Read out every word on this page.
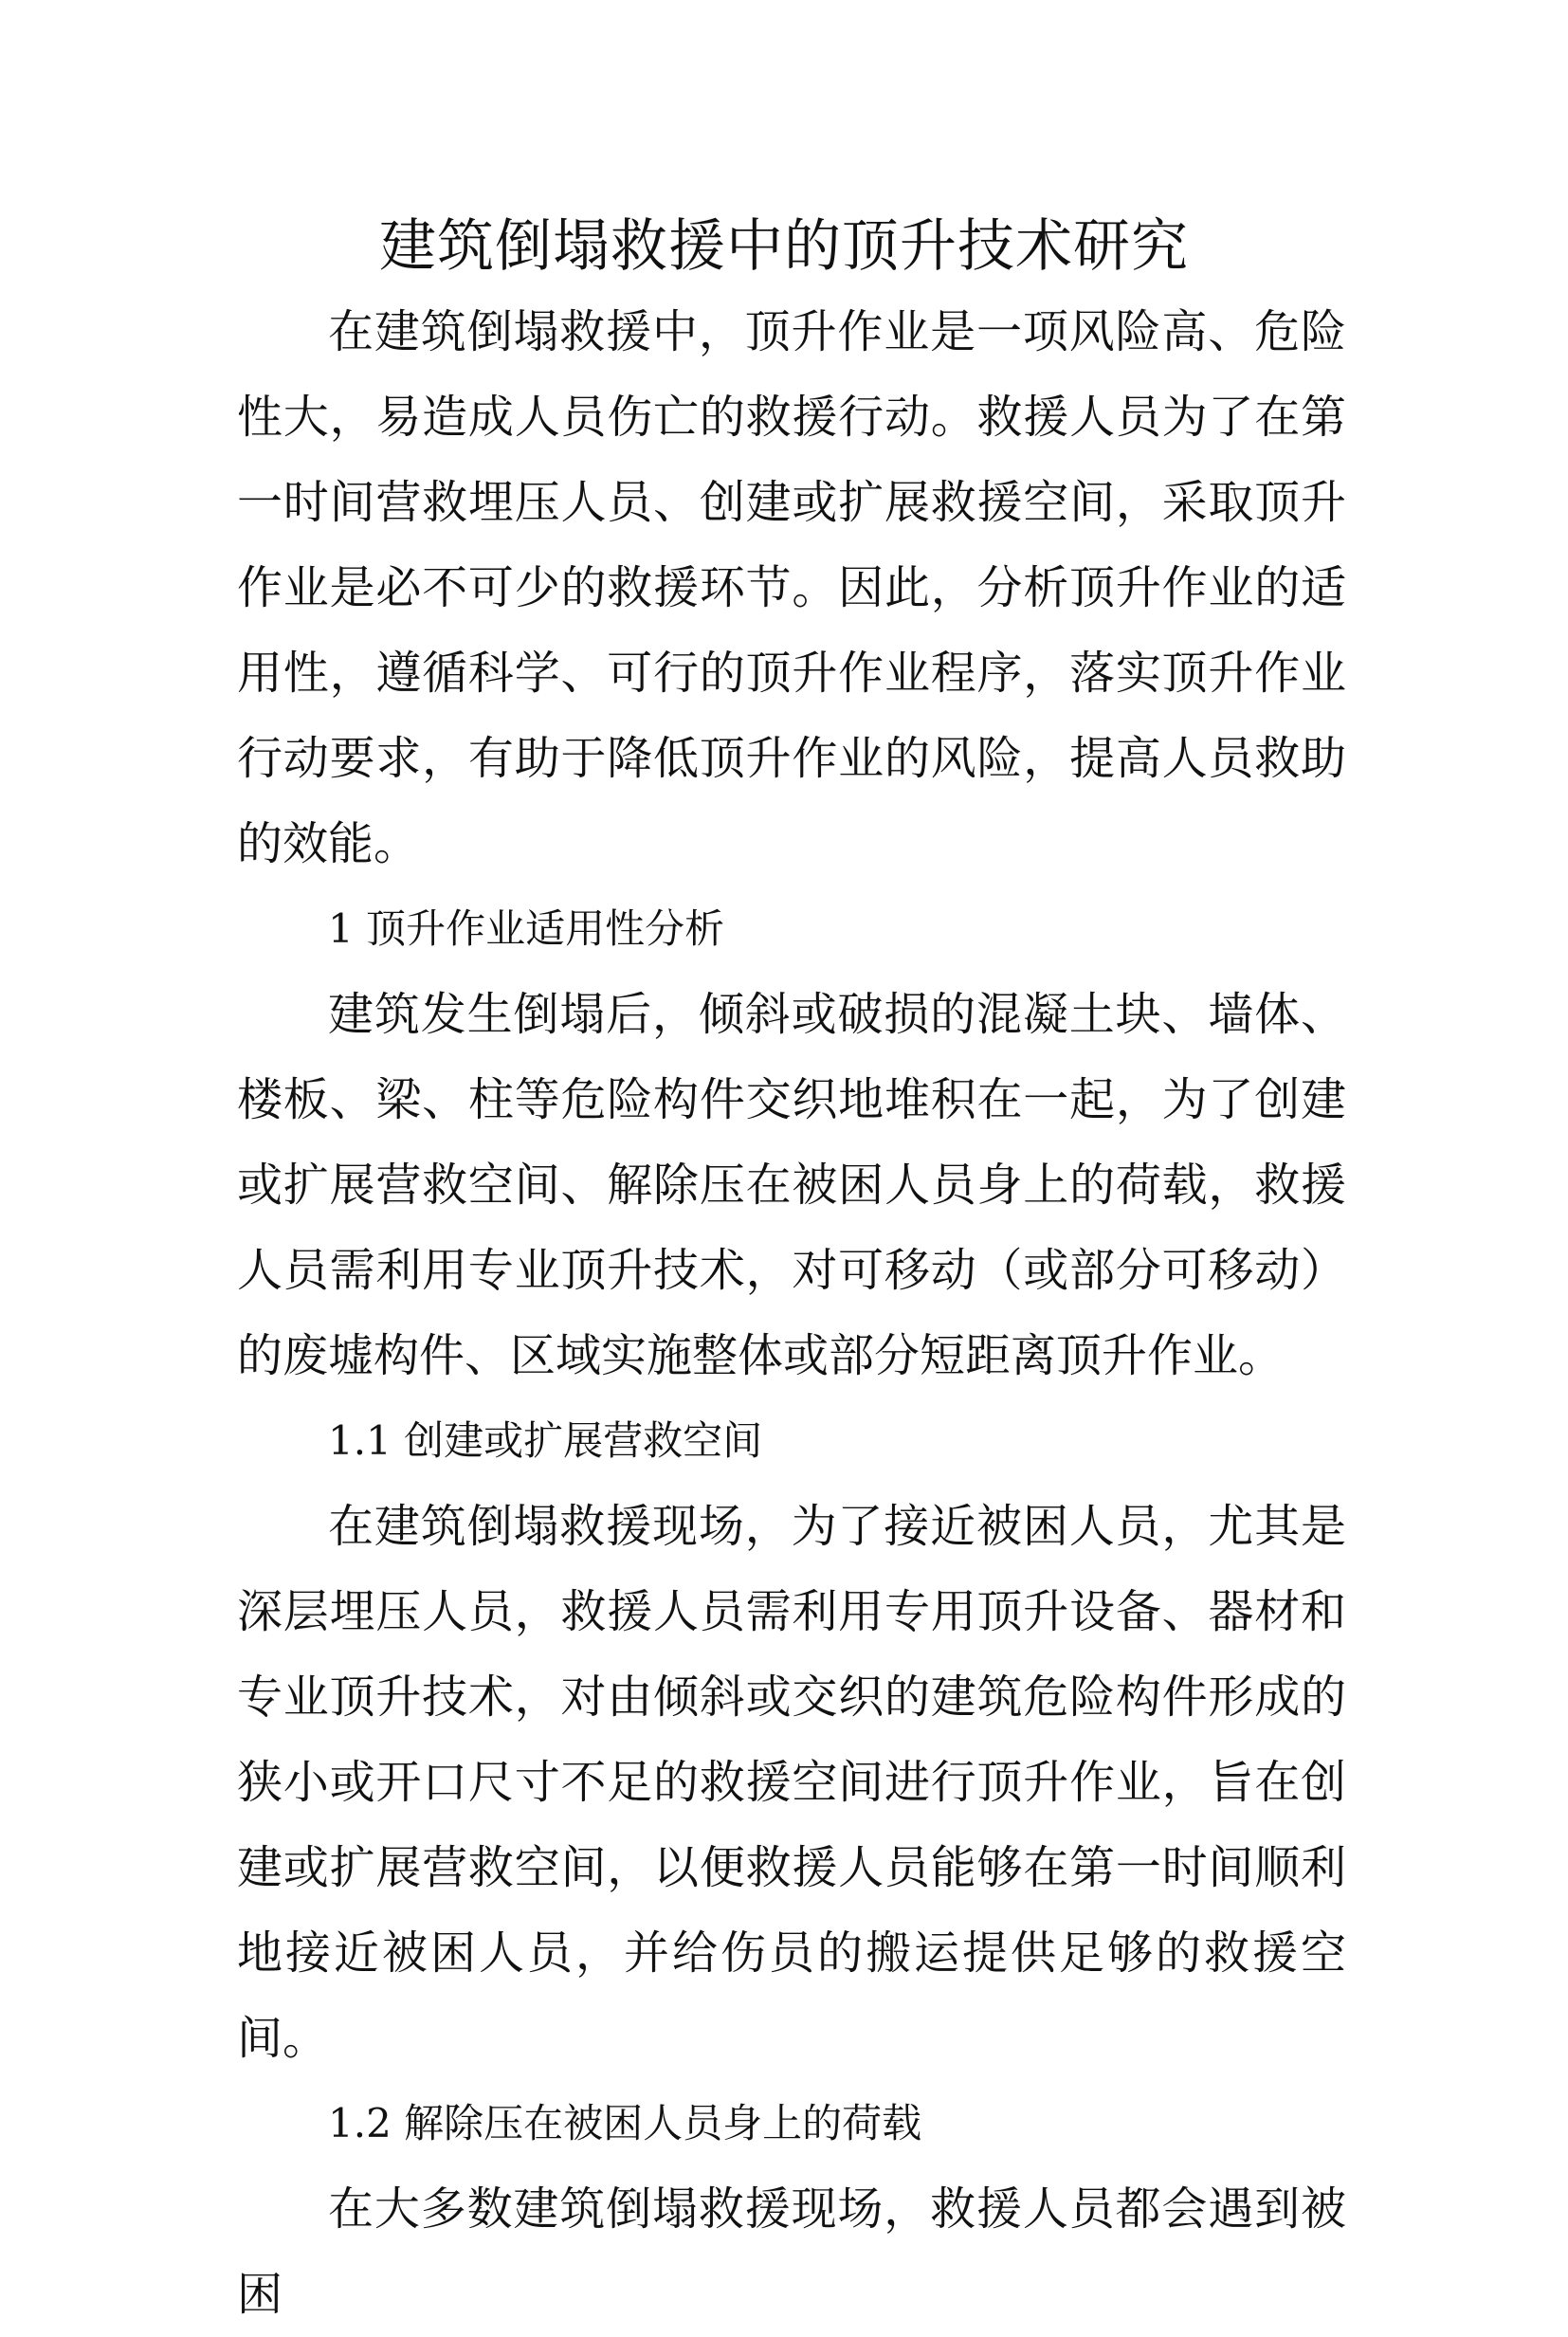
建筑倒塌救援中的顶升技术研究

在建筑倒塌救援中，顶升作业是一项风险高、危险性大，易造成人员伤亡的救援行动。救援人员为了在第一时间营救埋压人员、创建或扩展救援空间，采取顶升作业是必不可少的救援环节。因此，分析顶升作业的适用性，遵循科学、可行的顶升作业程序，落实顶升作业行动要求，有助于降低顶升作业的风险，提高人员救助的效能。

1 顶升作业适用性分析

建筑发生倒塌后，倾斜或破损的混凝土块、墙体、楼板、梁、柱等危险构件交织地堆积在一起，为了创建或扩展营救空间、解除压在被困人员身上的荷载，救援人员需利用专业顶升技术，对可移动（或部分可移动）的废墟构件、区域实施整体或部分短距离顶升作业。

1.1 创建或扩展营救空间

在建筑倒塌救援现场，为了接近被困人员，尤其是深层埋压人员，救援人员需利用专用顶升设备、器材和专业顶升技术，对由倾斜或交织的建筑危险构件形成的狭小或开口尺寸不足的救援空间进行顶升作业，旨在创建或扩展营救空间，以便救援人员能够在第一时间顺利地接近被困人员，并给伤员的搬运提供足够的救援空间。

1.2 解除压在被困人员身上的荷载

在大多数建筑倒塌救援现场，救援人员都会遇到被困
